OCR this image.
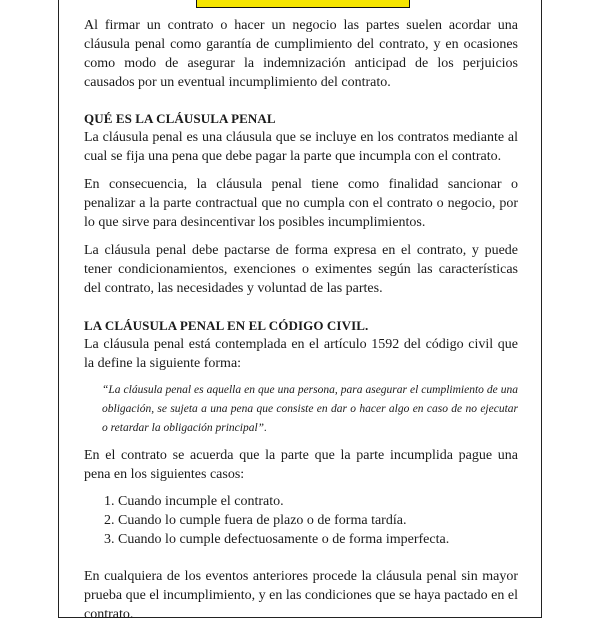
Al firmar un contrato o hacer un negocio las partes suelen acordar una cláusula penal como garantía de cumplimiento del contrato, y en ocasiones como modo de asegurar la indemnización anticipad de los perjuicios causados por un eventual incumplimiento del contrato.

QUÉ ES LA CLÁUSULA PENAL

La cláusula penal es una cláusula que se incluye en los contratos mediante al cual se fija una pena que debe pagar la parte que incumpla con el contrato.

En consecuencia, la cláusula penal tiene como finalidad sancionar o penalizar a la parte contractual que no cumpla con el contrato o negocio, por lo que sirve para desincentivar los posibles incumplimientos.

La cláusula penal debe pactarse de forma expresa en el contrato, y puede tener condicionamientos, exenciones o eximentes según las características del contrato, las necesidades y voluntad de las partes.

LA CLÁUSULA PENAL EN EL CÓDIGO CIVIL.

La cláusula penal está contemplada en el artículo 1592 del código civil que la define la siguiente forma:

“La cláusula penal es aquella en que una persona, para asegurar el cumplimiento de una obligación, se sujeta a una pena que consiste en dar o hacer algo en caso de no ejecutar o retardar la obligación principal”.

En el contrato se acuerda que la parte que la parte incumplida pague una pena en los siguientes casos:

1. Cuando incumple el contrato.
2. Cuando lo cumple fuera de plazo o de forma tardía.
3. Cuando lo cumple defectuosamente o de forma imperfecta.

En cualquiera de los eventos anteriores procede la cláusula penal sin mayor prueba que el incumplimiento, y en las condiciones que se haya pactado en el contrato.
